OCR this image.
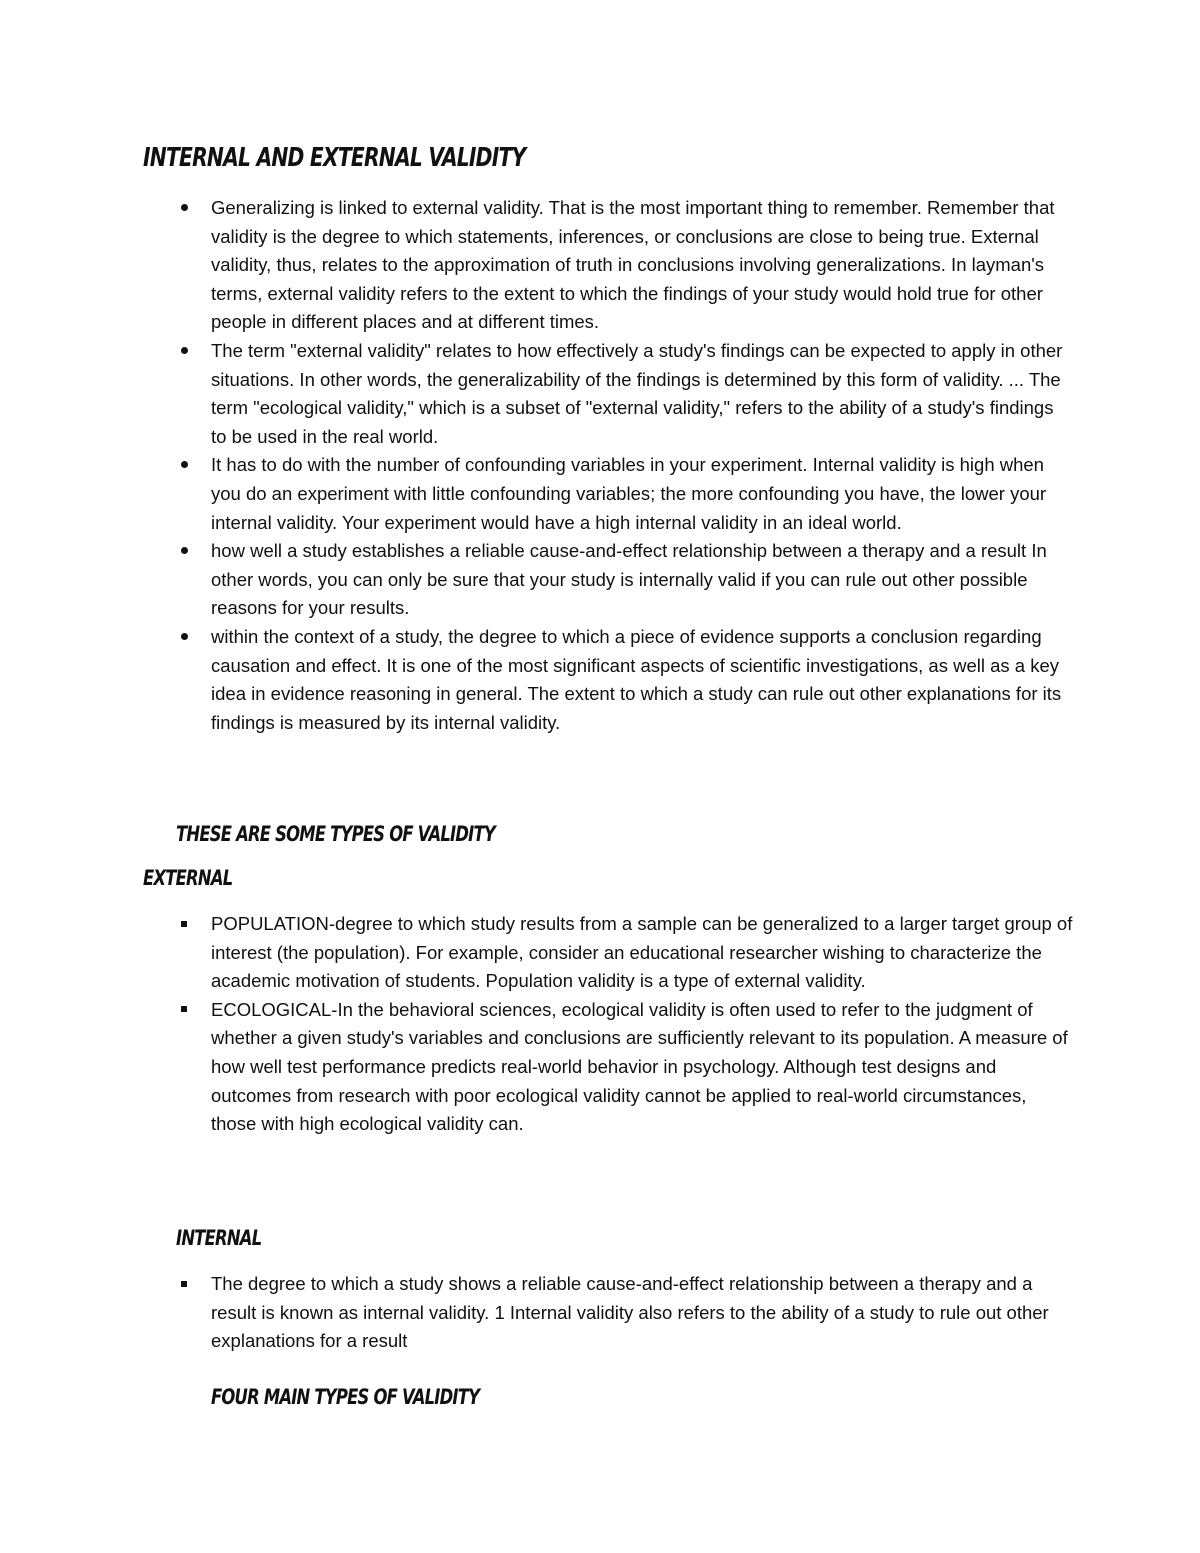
INTERNAL AND EXTERNAL VALIDITY
Generalizing is linked to external validity. That is the most important thing to remember. Remember that validity is the degree to which statements, inferences, or conclusions are close to being true. External validity, thus, relates to the approximation of truth in conclusions involving generalizations. In layman's terms, external validity refers to the extent to which the findings of your study would hold true for other people in different places and at different times.
The term "external validity" relates to how effectively a study's findings can be expected to apply in other situations. In other words, the generalizability of the findings is determined by this form of validity. ... The term "ecological validity," which is a subset of "external validity," refers to the ability of a study's findings to be used in the real world.
It has to do with the number of confounding variables in your experiment. Internal validity is high when you do an experiment with little confounding variables; the more confounding you have, the lower your internal validity. Your experiment would have a high internal validity in an ideal world.
how well a study establishes a reliable cause-and-effect relationship between a therapy and a result In other words, you can only be sure that your study is internally valid if you can rule out other possible reasons for your results.
within the context of a study, the degree to which a piece of evidence supports a conclusion regarding causation and effect. It is one of the most significant aspects of scientific investigations, as well as a key idea in evidence reasoning in general. The extent to which a study can rule out other explanations for its findings is measured by its internal validity.
THESE ARE SOME TYPES OF VALIDITY
EXTERNAL
POPULATION-degree to which study results from a sample can be generalized to a larger target group of interest (the population). For example, consider an educational researcher wishing to characterize the academic motivation of students. Population validity is a type of external validity.
ECOLOGICAL-In the behavioral sciences, ecological validity is often used to refer to the judgment of whether a given study's variables and conclusions are sufficiently relevant to its population. A measure of how well test performance predicts real-world behavior in psychology. Although test designs and outcomes from research with poor ecological validity cannot be applied to real-world circumstances, those with high ecological validity can.
INTERNAL
The degree to which a study shows a reliable cause-and-effect relationship between a therapy and a result is known as internal validity. 1 Internal validity also refers to the ability of a study to rule out other explanations for a result
FOUR MAIN TYPES OF VALIDITY
